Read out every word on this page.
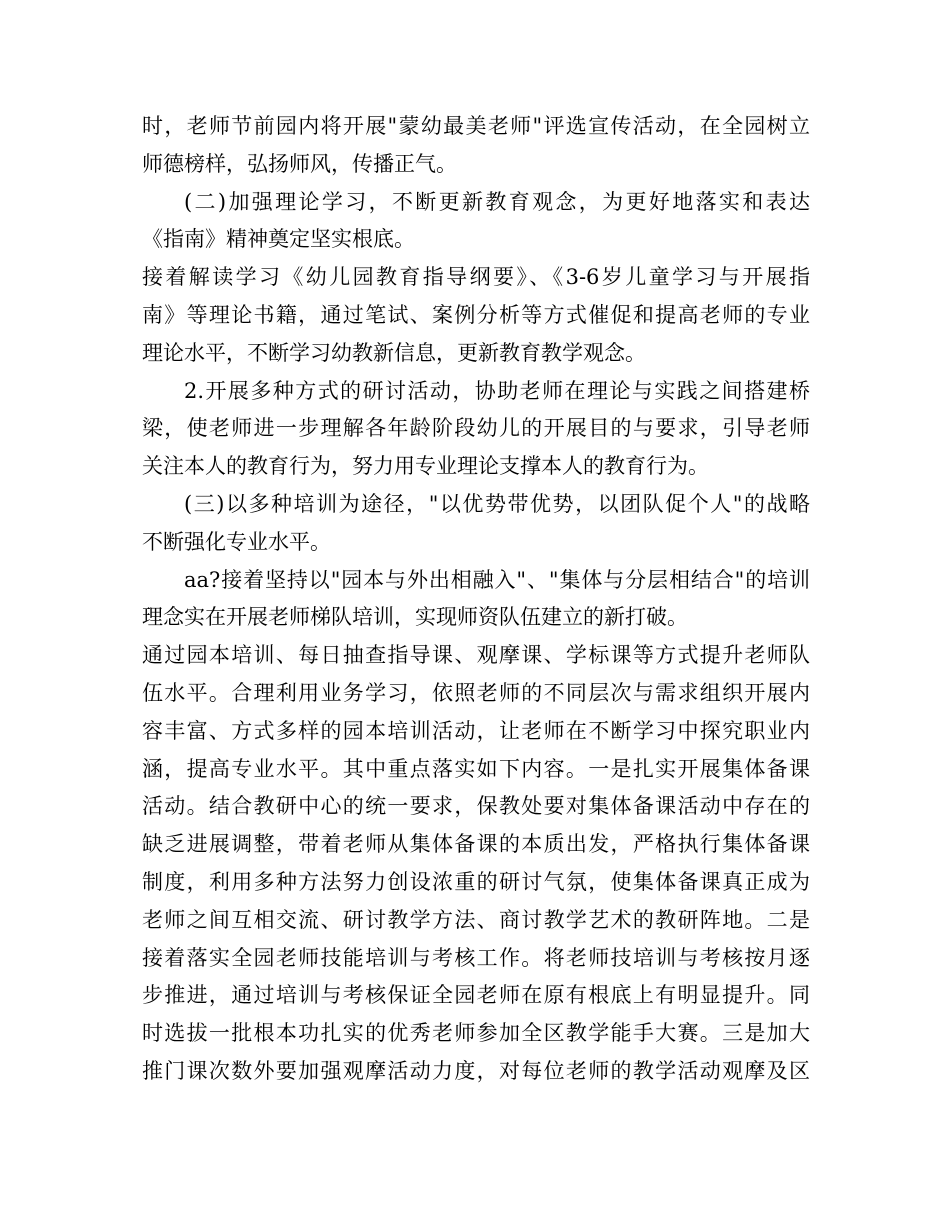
时，老师节前园内将开展"蒙幼最美老师"评选宣传活动，在全园树立
师德榜样，弘扬师风，传播正气。
(二)加强理论学习，不断更新教育观念，为更好地落实和表达
《指南》精神奠定坚实根底。
接着解读学习《幼儿园教育指导纲要》、《3-6岁儿童学习与开展指
南》等理论书籍，通过笔试、案例分析等方式催促和提高老师的专业
理论水平，不断学习幼教新信息，更新教育教学观念。
2.开展多种方式的研讨活动，协助老师在理论与实践之间搭建桥
梁，使老师进一步理解各年龄阶段幼儿的开展目的与要求，引导老师
关注本人的教育行为，努力用专业理论支撑本人的教育行为。
(三)以多种培训为途径，"以优势带优势，以团队促个人"的战略
不断强化专业水平。
aa?接着坚持以"园本与外出相融入"、"集体与分层相结合"的培训
理念实在开展老师梯队培训，实现师资队伍建立的新打破。
通过园本培训、每日抽查指导课、观摩课、学标课等方式提升老师队
伍水平。合理利用业务学习，依照老师的不同层次与需求组织开展内
容丰富、方式多样的园本培训活动，让老师在不断学习中探究职业内
涵，提高专业水平。其中重点落实如下内容。一是扎实开展集体备课
活动。结合教研中心的统一要求，保教处要对集体备课活动中存在的
缺乏进展调整，带着老师从集体备课的本质出发，严格执行集体备课
制度，利用多种方法努力创设浓重的研讨气氛，使集体备课真正成为
老师之间互相交流、研讨教学方法、商讨教学艺术的教研阵地。二是
接着落实全园老师技能培训与考核工作。将老师技培训与考核按月逐
步推进，通过培训与考核保证全园老师在原有根底上有明显提升。同
时选拔一批根本功扎实的优秀老师参加全区教学能手大赛。三是加大
推门课次数外要加强观摩活动力度，对每位老师的教学活动观摩及区
